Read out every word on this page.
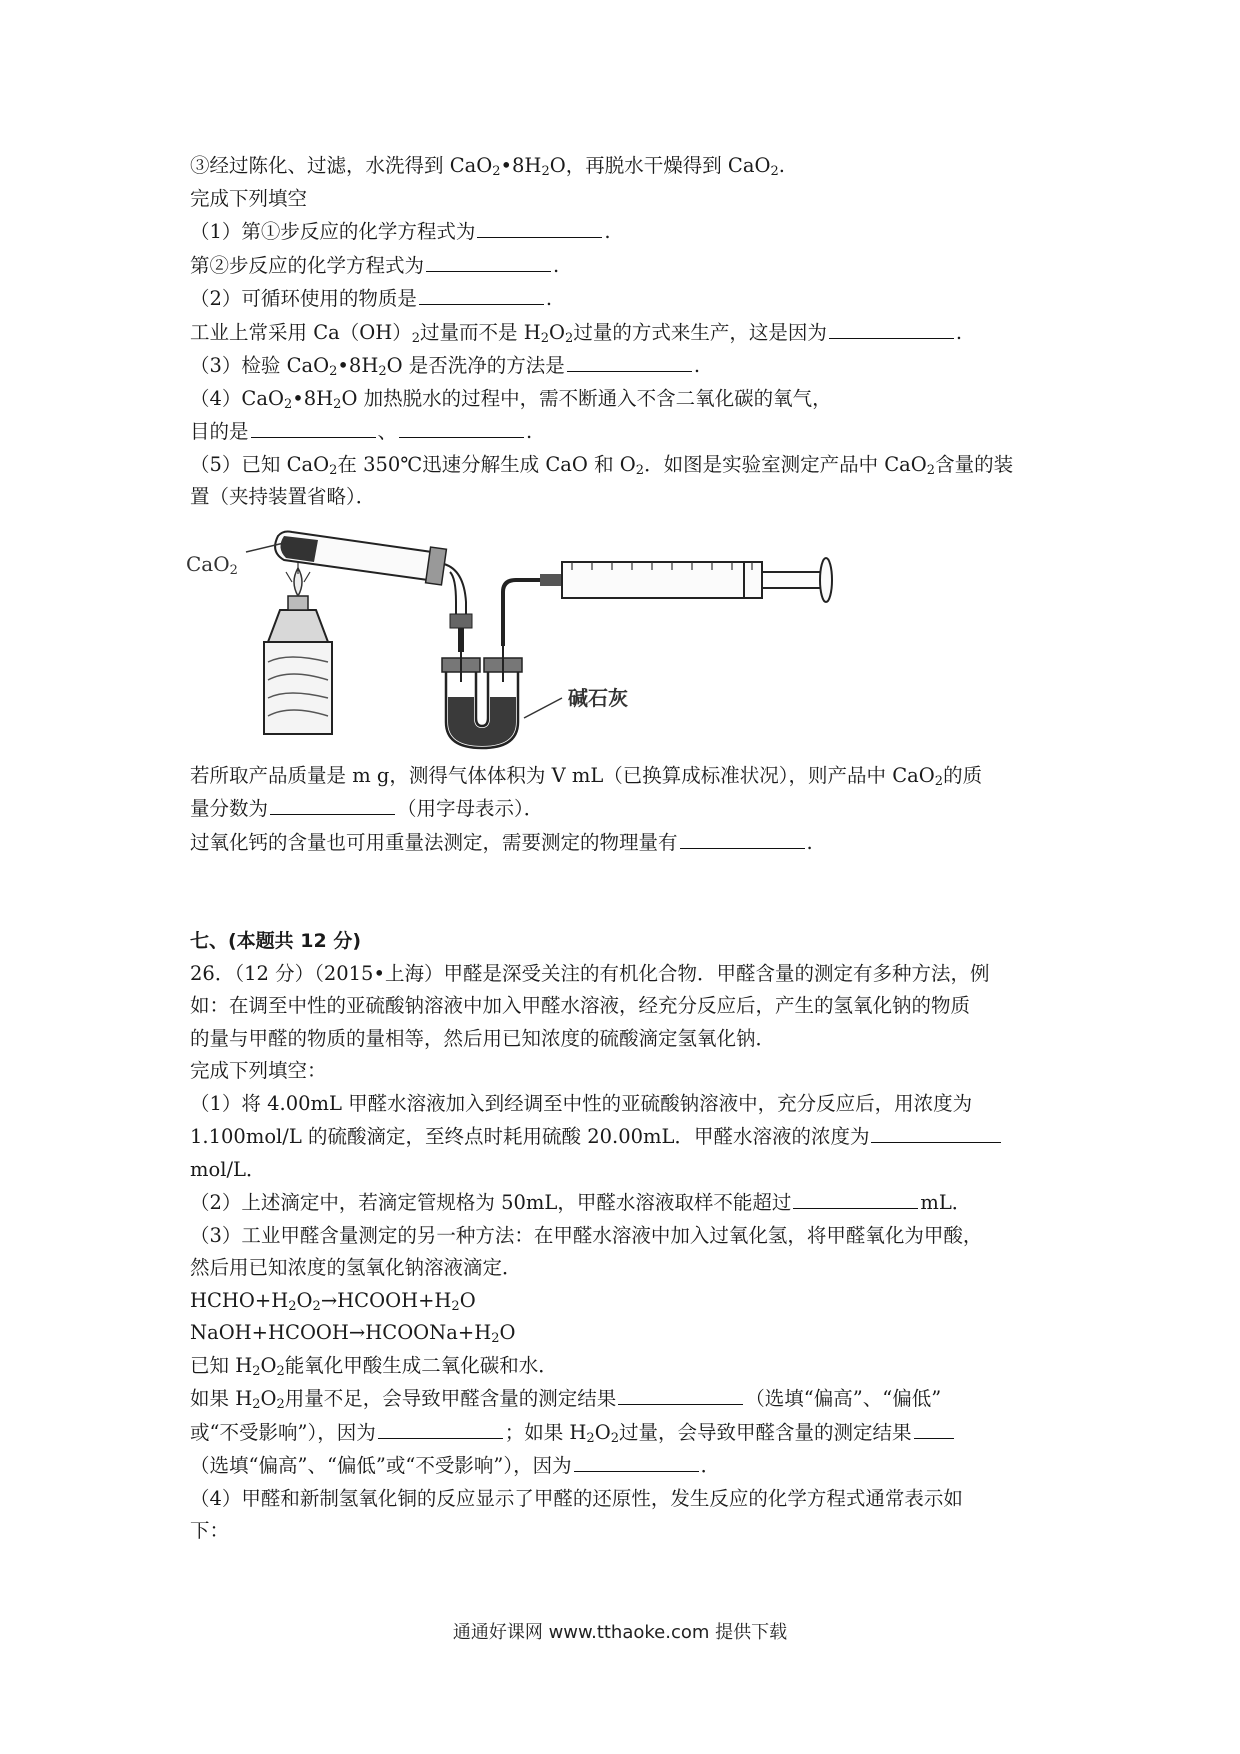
③经过陈化、过滤，水洗得到 $CaO_2•8H_2O$，再脱水干燥得到 CaO$_2$.
完成下列填空
（1）第①步反应的化学方程式为	.
第②步反应的化学方程式为	.
（2）可循环使用的物质是	.
工业上常采用 $Ca(OH)_2$过量而不是 $H_2O_2$过量的方式来生产，这是因为	.
（3）检验 $CaO_2•8H_2O$ 是否洗净的方法是	.
$(4)CaO_2•8H_2O$ 加热脱水的过程中，需不断通入不含二氧化碳的氧气，
目的是	、	.
（5）已知 CaO$_2$在 350℃迅速分解生成 CaO 和 $O_2$．如图是实验室测定产品中 CaO$_2$含量的装
置（夹持装置省略）．
CaO$_2$
碱石灰
若所取产品质量是 m g，测得气体体积为 V mL（已换算成标准状况），则产品中 CaO$_2$的质
量分数为	（用字母表示）．
过氧化钙的含量也可用重量法测定，需要测定的物理量有	.
七、(本题共 12 分)
26．（12 分）（2015•上海）甲醛是深受关注的有机化合物．甲醛含量的测定有多种方法，例
如：在调至中性的亚硫酸钠溶液中加入甲醛水溶液，经充分反应后，产生的氢氧化钠的物质
的量与甲醛的物质的量相等，然后用已知浓度的硫酸滴定氢氧化钠．
完成下列填空：
（1）将 4.00mL 甲醛水溶液加入到经调至中性的亚硫酸钠溶液中，充分反应后，用浓度为
1.100mol/L 的硫酸滴定，至终点时耗用硫酸 20.00mL．甲醛水溶液的浓度为
mol/L．
（2）上述滴定中，若滴定管规格为 50mL，甲醛水溶液取样不能超过	mL．
（3）工业甲醛含量测定的另一种方法：在甲醛水溶液中加入过氧化氢，将甲醛氧化为甲酸，
然后用已知浓度的氢氧化钠溶液滴定．
$HCHO+H_2O_2\to HCOOH+H_2O$
$NaOH+HCOOH\to HCOONa+H_2O$
已知 $H_2O_2$能氧化甲酸生成二氧化碳和水．
如果 $H_2O_2$用量不足，会导致甲醛含量的测定结果	（选填“偏高”、“偏低”
或“不受影响”），因为	；如果 $H_2O_2$过量，会导致甲醛含量的测定结果
（选填“偏高”、“偏低”或“不受影响”），因为	．
（4）甲醛和新制氢氧化铜的反应显示了甲醛的还原性，发生反应的化学方程式通常表示如
下：
通通好课网 www.tthaoke.com 提供下载
